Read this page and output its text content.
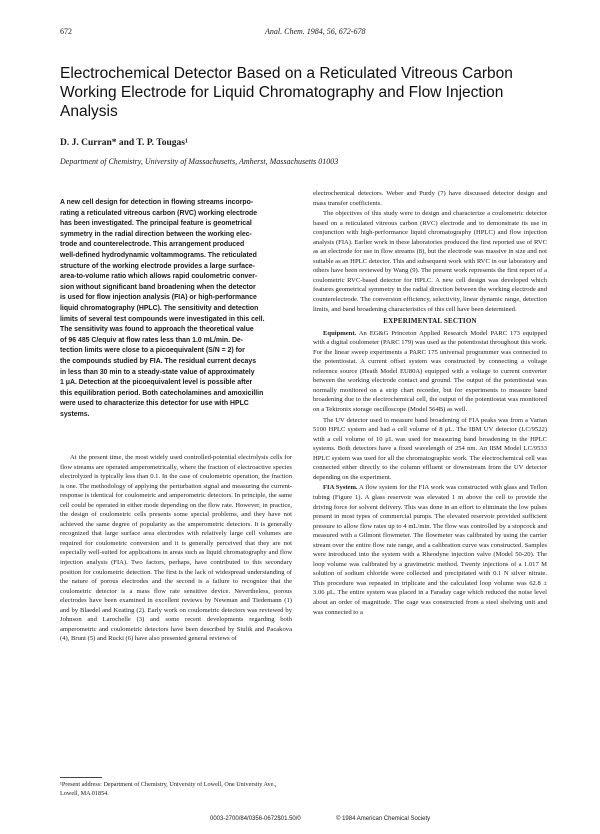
672	Anal. Chem. 1984, 56, 672-678
Electrochemical Detector Based on a Reticulated Vitreous Carbon Working Electrode for Liquid Chromatography and Flow Injection Analysis
D. J. Curran* and T. P. Tougas¹
Department of Chemistry, University of Massachusetts, Amherst, Massachusetts 01003
A new cell design for detection in flowing streams incorpo-
rating a reticulated vitreous carbon (RVC) working electrode
has been investigated. The principal feature is geometrical
symmetry in the radial direction between the working elec-
trode and counterelectrode. This arrangement produced
well-defined hydrodynamic voltammograms. The reticulated
structure of the working electrode provides a large surface-
area-to-volume ratio which allows rapid coulometric conver-
sion without significant band broadening when the detector
is used for flow injection analysis (FIA) or high-performance
liquid chromatography (HPLC). The sensitivity and detection
limits of several test compounds were investigated in this cell.
The sensitivity was found to approach the theoretical value
of 96 485 C/equiv at flow rates less than 1.0 mL/min. De-
tection limits were close to a picoequivalent (S/N = 2) for
the compounds studied by FIA. The residual current decays
in less than 30 min to a steady-state value of approximately
1 μA. Detection at the picoequivalent level is possible after
this equilibration period. Both catecholamines and amoxicillin
were used to characterize this detector for use with HPLC
systems.
At the present time, the most widely used controlled-potential electrolysis cells for flow streams are operated amperometrically, where the fraction of electroactive species electrolyzed is typically less than 0.1. In the case of coulometric operation, the fraction is one. The methodology of applying the perturbation signal and measuring the current-response is identical for coulometric and amperometric detectors. In principle, the same cell could be operated in either mode depending on the flow rate. However, in practice, the design of coulometric cells presents some special problems, and they have not achieved the same degree of popularity as the amperometric detectors. It is generally recognized that large surface area electrodes with relatively large cell volumes are required for coulometric conversion and it is generally perceived that they are not especially well-suited for applications in areas such as liquid chromatography and flow injection analysis (FIA). Two factors, perhaps, have contributed to this secondary position for coulometric detection. The first is the lack of widespread understanding of the nature of porous electrodes and the second is a failure to recognize that the coulometric detector is a mass flow rate sensitive device. Nevertheless, porous electrodes have been examined in excellent reviews by Newman and Tiedemann (1) and by Blaedel and Keating (2). Early work on coulometric detectors was reviewed by Johnson and Larochelle (3) and some recent developments regarding both amperometric and coulometric detectors have been described by Stulik and Pacakova (4), Brunt (5) and Rucki (6) have also presented general reviews of
¹Present address: Department of Chemistry, University of Lowell, One University Ave., Lowell, MA 01854.

electrochemical detectors. Weber and Purdy (7) have discussed detector design and mass transfer coefficients.

The objectives of this study were to design and characterize a coulometric detector based on a reticulated vitreous carbon (RVC) electrode and to demonstrate its use in conjunction with high-performance liquid chromatography (HPLC) and flow injection analysis (FIA). Earlier work in these laboratories produced the first reported use of RVC as an electrode for use in flow streams (8), but the electrode was massive in size and not suitable as an HPLC detector. This and subsequent work with RVC in our laboratory and others have been reviewed by Wang (9). The present work represents the first report of a coulometric RVC-based detector for HPLC. A new cell design was developed which features geometrical symmetry in the radial direction between the working electrode and counterelectrode. The conversion efficiency, selectivity, linear dynamic range, detection limits, and band broadening characteristics of this cell have been determined.

EXPERIMENTAL SECTION

Equipment. An EG&G Princeton Applied Research Model PARC 173 equipped with a digital coulometer (PARC 179) was used as the potentiostat throughout this work. For the linear sweep experiments a PARC 175 universal programmer was connected to the potentiostat. A current offset system was constructed by connecting a voltage reference source (Heath Model EU80A) equipped with a voltage to current converter between the working electrode contact and ground. The output of the potentiostat was normally monitored on a strip chart recorder, but for experiments to measure band broadening due to the electrochemical cell, the output of the potentiostat was monitored on a Tektronix storage oscilloscope (Model 564B) as well.

The UV detector used to measure band broadening of FIA peaks was from a Varian 5100 HPLC system and had a cell volume of 8 μL. The IBM UV detector (LC/9522) with a cell volume of 10 μL was used for measuring band broadening in the HPLC systems. Both detectors have a fixed wavelength of 254 nm. An IBM Model LC/9533 HPLC system was used for all the chromatographic work. The electrochemical cell was connected either directly to the column effluent or downstream from the UV detector depending on the experiment.

FIA System. A flow system for the FIA work was constructed with glass and Teflon tubing (Figure 1). A glass reservoir was elevated 1 m above the cell to provide the driving force for solvent delivery. This was done in an effort to eliminate the low pulses present in most types of commercial pumps. The elevated reservoir provided sufficient pressure to allow flow rates up to 4 mL/min. The flow was controlled by a stopcock and measured with a Gilmont flowmeter. The flowmeter was calibrated by using the carrier stream over the entire flow rate range, and a calibration curve was constructed. Samples were introduced into the system with a Rheodyne injection valve (Model 50-20). The loop volume was calibrated by a gravimetric method. Twenty injections of a 1.017 M solution of sodium chloride were collected and precipitated with 0.1 N silver nitrate. This procedure was repeated in triplicate and the calculated loop volume was 62.8 ± 3.06 μL. The entire system was placed in a Faraday cage which reduced the noise level about an order of magnitude. The cage was constructed from a steel shelving unit and was connected to a

0003-2700/84/0356-0672$01.50/0	© 1984 American Chemical Society
